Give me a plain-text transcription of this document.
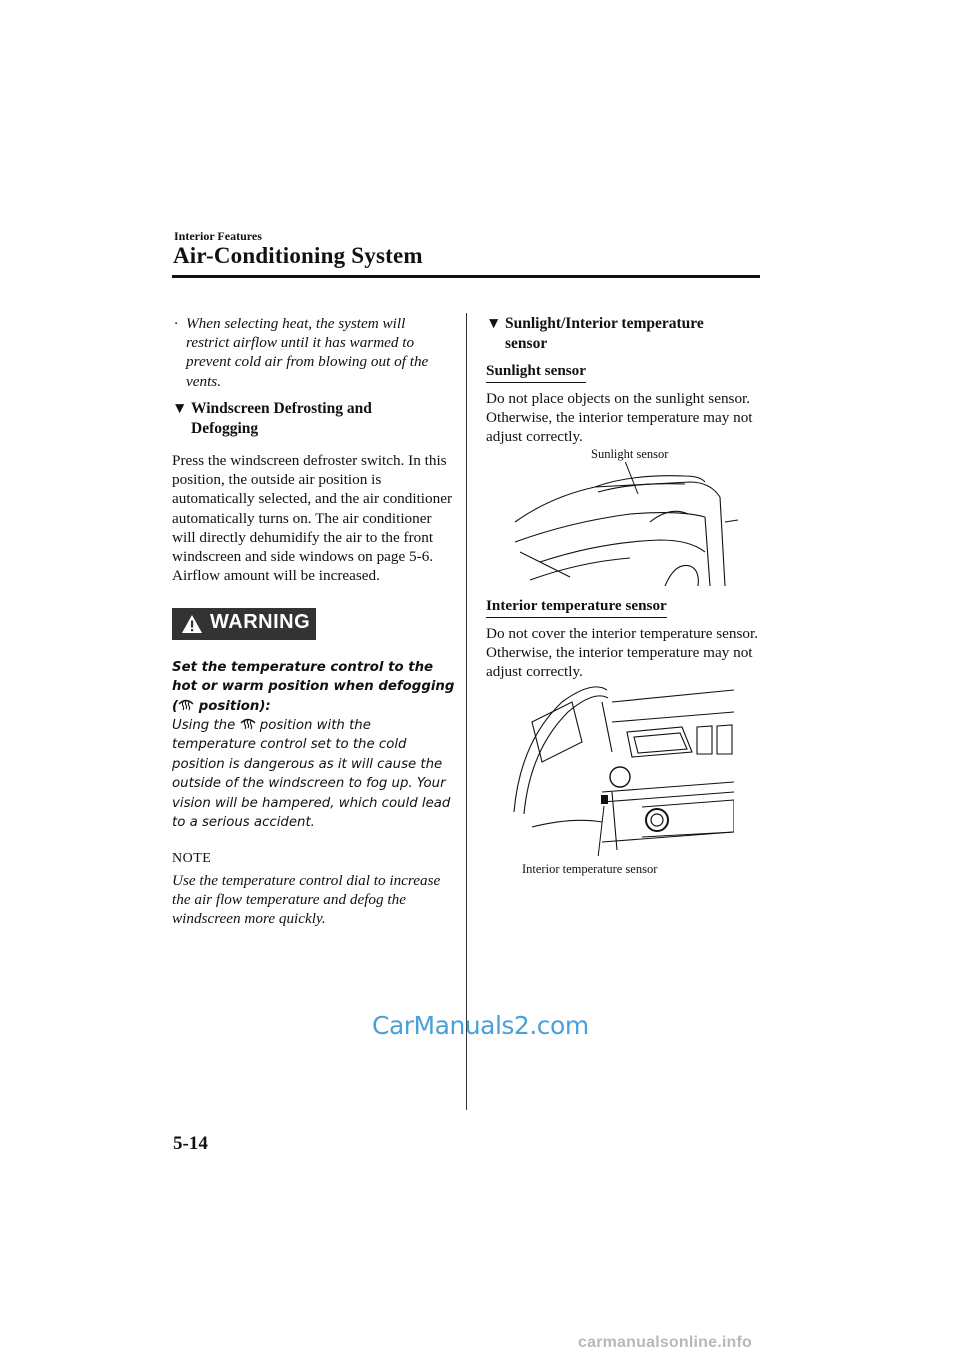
Interior Features
Air-Conditioning System
· When selecting heat, the system will restrict airflow until it has warmed to prevent cold air from blowing out of the vents.
▼ Windscreen Defrosting and
Defogging
Press the windscreen defroster switch. In this position, the outside air position is automatically selected, and the air conditioner automatically turns on. The air conditioner will directly dehumidify the air to the front windscreen and side windows on page 5-6. Airflow amount will be increased.
WARNING
Set the temperature control to the hot or warm position when defogging ( position):
Using the position with the temperature control set to the cold position is dangerous as it will cause the outside of the windscreen to fog up. Your vision will be hampered, which could lead to a serious accident.
NOTE
Use the temperature control dial to increase the air flow temperature and defog the windscreen more quickly.
▼ Sunlight/Interior temperature
sensor
Sunlight sensor
Do not place objects on the sunlight sensor. Otherwise, the interior temperature may not adjust correctly.
Sunlight sensor
Interior temperature sensor
Do not cover the interior temperature sensor. Otherwise, the interior temperature may not adjust correctly.
Interior temperature sensor
CarManuals2.com
5-14
carmanualsonline.info
